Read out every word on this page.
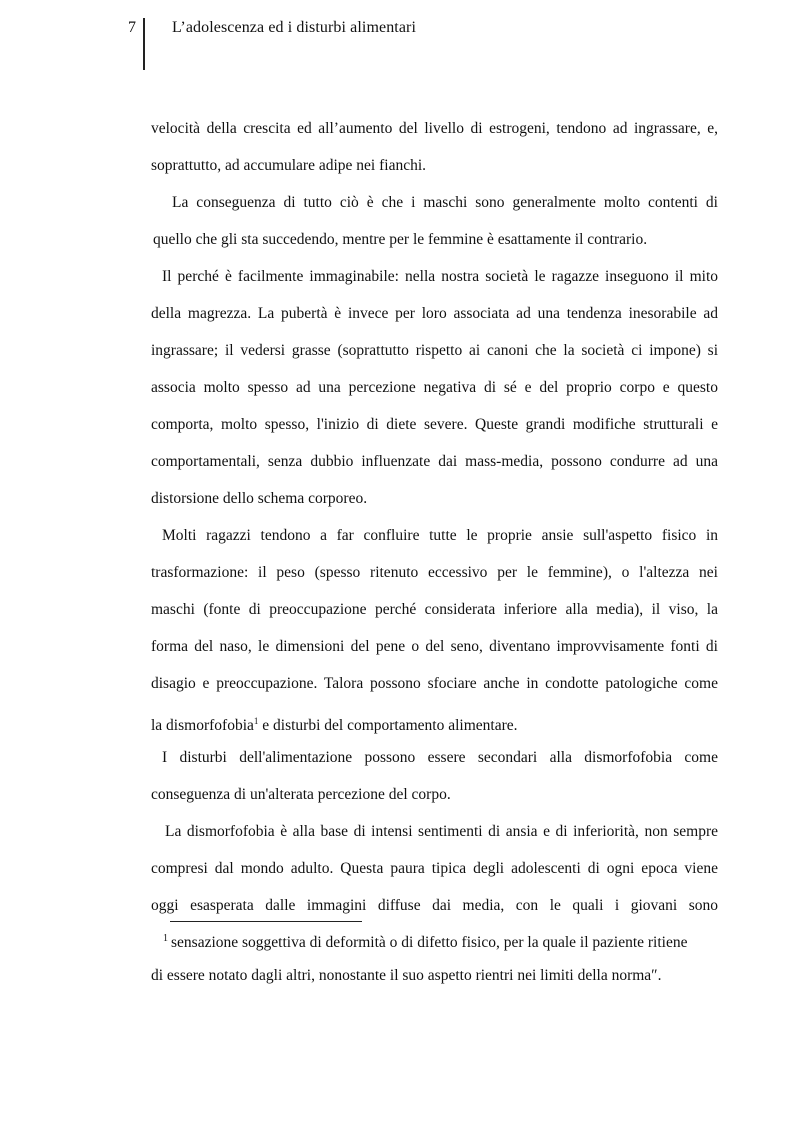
7 L’adolescenza ed i disturbi alimentari
velocità della crescita ed all’aumento del livello di estrogeni, tendono ad ingrassare, e,
soprattutto, ad accumulare adipe nei fianchi.
La conseguenza di tutto ciò è che i maschi sono generalmente molto contenti di
quello che gli sta succedendo, mentre per le femmine è esattamente il contrario.
Il perché è facilmente immaginabile: nella nostra società le ragazze inseguono il mito
della magrezza. La pubertà è invece per loro associata ad una tendenza inesorabile ad
ingrassare; il vedersi grasse (soprattutto rispetto ai canoni che la società ci impone) si
associa molto spesso ad una percezione negativa di sé e del proprio corpo e questo
comporta, molto spesso, l'inizio di diete severe. Queste grandi modifiche strutturali e
comportamentali, senza dubbio influenzate dai mass-media, possono condurre ad una
distorsione dello schema corporeo.
Molti ragazzi tendono a far confluire tutte le proprie ansie sull'aspetto fisico in
trasformazione: il peso (spesso ritenuto eccessivo per le femmine), o l'altezza nei
maschi (fonte di preoccupazione perché considerata inferiore alla media), il viso, la
forma del naso, le dimensioni del pene o del seno, diventano improvvisamente fonti di
disagio e preoccupazione. Talora possono sfociare anche in condotte patologiche come
la dismorfofobia$^1$ e disturbi del comportamento alimentare.
I disturbi dell'alimentazione possono essere secondari alla dismorfofobia come
conseguenza di un'alterata percezione del corpo.
La dismorfofobia è alla base di intensi sentimenti di ansia e di inferiorità, non sempre
compresi dal mondo adulto. Questa paura tipica degli adolescenti di ogni epoca viene
oggi esasperata dalle immagini diffuse dai media, con le quali i giovani sono
$^1$ sensazione soggettiva di deformità o di difetto fisico, per la quale il paziente ritiene
di essere notato dagli altri, nonostante il suo aspetto rientri nei limiti della norma″.
